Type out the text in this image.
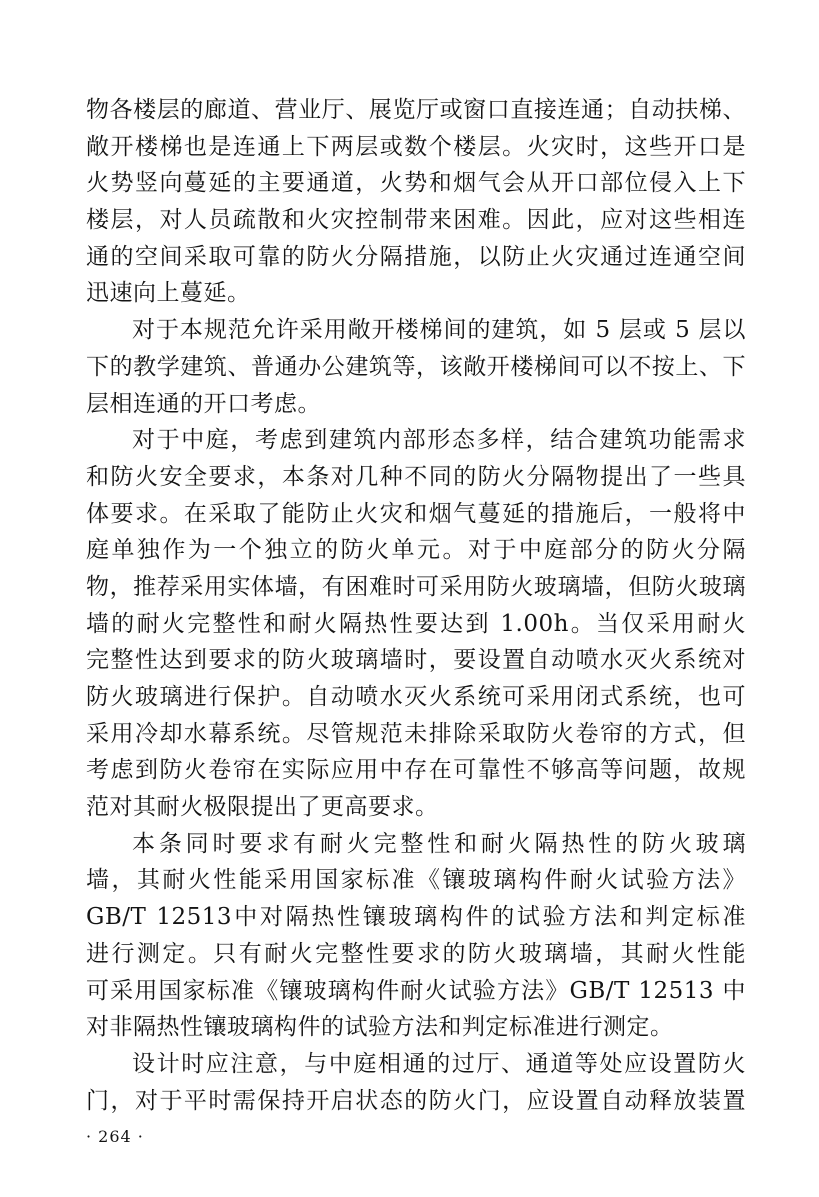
物各楼层的廊道、营业厅、展览厅或窗口直接连通；自动扶梯、
敞开楼梯也是连通上下两层或数个楼层。火灾时，这些开口是
火势竖向蔓延的主要通道，火势和烟气会从开口部位侵入上下
楼层，对人员疏散和火灾控制带来困难。因此，应对这些相连
通的空间采取可靠的防火分隔措施，以防止火灾通过连通空间
迅速向上蔓延。
对于本规范允许采用敞开楼梯间的建筑，如 5 层或 5 层以
下的教学建筑、普通办公建筑等，该敞开楼梯间可以不按上、下
层相连通的开口考虑。
对于中庭，考虑到建筑内部形态多样，结合建筑功能需求
和防火安全要求，本条对几种不同的防火分隔物提出了一些具
体要求。在采取了能防止火灾和烟气蔓延的措施后，一般将中
庭单独作为一个独立的防火单元。对于中庭部分的防火分隔
物，推荐采用实体墙，有困难时可采用防火玻璃墙，但防火玻璃
墙的耐火完整性和耐火隔热性要达到 1.00h。当仅采用耐火
完整性达到要求的防火玻璃墙时，要设置自动喷水灭火系统对
防火玻璃进行保护。自动喷水灭火系统可采用闭式系统，也可
采用冷却水幕系统。尽管规范未排除采取防火卷帘的方式，但
考虑到防火卷帘在实际应用中存在可靠性不够高等问题，故规
范对其耐火极限提出了更高要求。
本条同时要求有耐火完整性和耐火隔热性的防火玻璃
墙，其耐火性能采用国家标准《镶玻璃构件耐火试验方法》
GB/T 12513中对隔热性镶玻璃构件的试验方法和判定标准
进行测定。只有耐火完整性要求的防火玻璃墙，其耐火性能
可采用国家标准《镶玻璃构件耐火试验方法》GB/T 12513 中
对非隔热性镶玻璃构件的试验方法和判定标准进行测定。
设计时应注意，与中庭相通的过厅、通道等处应设置防火
门，对于平时需保持开启状态的防火门，应设置自动释放装置
· 264 ·
